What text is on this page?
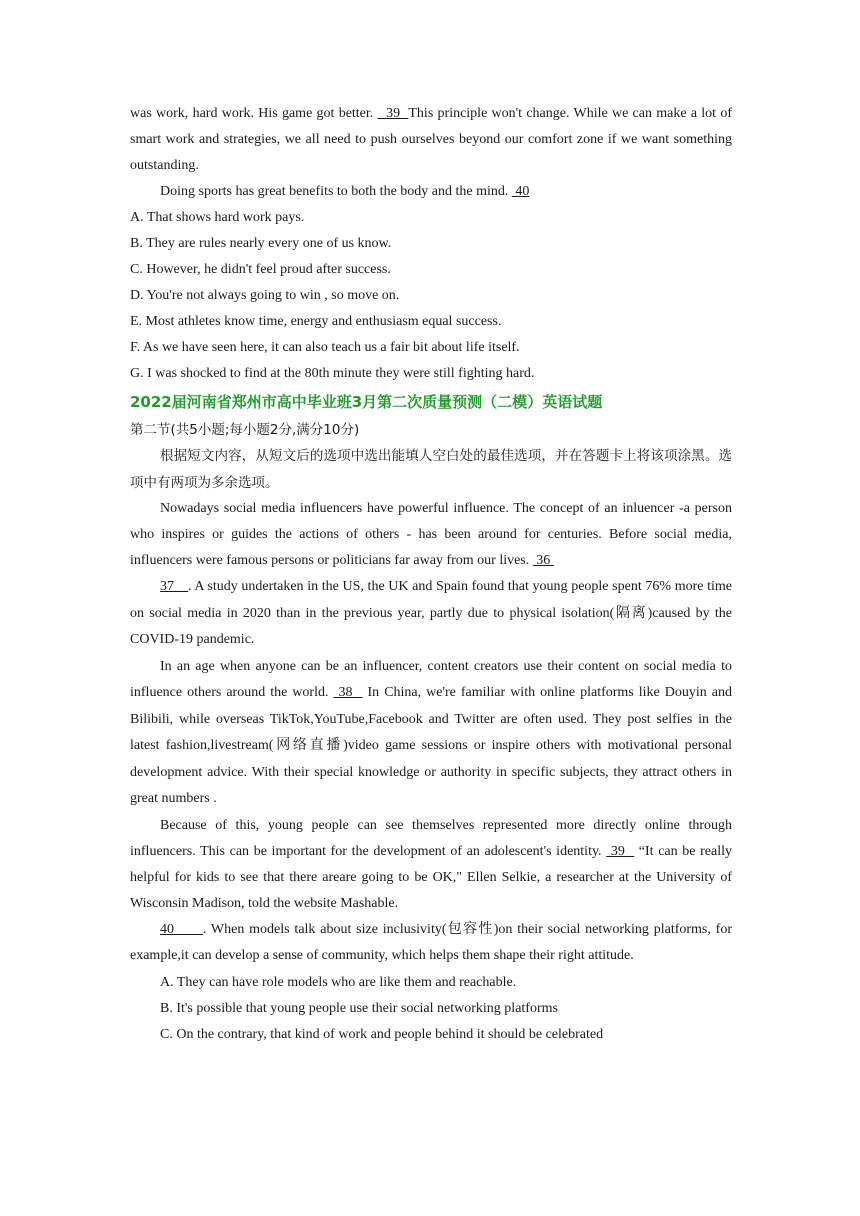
was work, hard work. His game got better.   39  This principle won't change. While we can make a lot of smart work and strategies, we all need to push ourselves beyond our comfort zone if we want something outstanding.

Doing sports has great benefits to both the body and the mind.  40

A. That shows hard work pays.

B. They are rules nearly every one of us know.

C. However, he didn't feel proud after success.

D. You're not always going to win , so move on.

E. Most athletes know time, energy and enthusiasm equal success.

F. As we have seen here, it can also teach us a fair bit about life itself.

G. I was shocked to find at the 80th minute they were still fighting hard.

2022届河南省郑州市高中毕业班3月第二次质量预测（二模）英语试题

第二节(共5小题;每小题2分,满分10分)

根据短文内容，从短文后的选项中选出能填人空白处的最佳选项，并在答题卡上将该项涂黑。选项中有两项为多余选项。

Nowadays social media influencers have powerful influence. The concept of an inluencer -a person who inspires or guides the actions of others - has been around for centuries. Before social media, influencers were famous persons or politicians far away from our lives.  36

37__. A study undertaken in the US, the UK and Spain found that young people spent 76% more time on social media in 2020 than in the previous year, partly due to physical isolation(隔离)caused by the COVID-19 pandemic.

In an age when anyone can be an influencer, content creators use their content on social media to influence others around the world.  38   In China, we're familiar with online platforms like Douyin and Bilibili, while overseas TikTok,YouTube,Facebook and Twitter are often used. They post selfies in the latest fashion,livestream(网络直播)video game sessions or inspire others with motivational personal development advice. With their special knowledge or authority in specific subjects, they attract others in great numbers .

Because of this, young people can see themselves represented more directly online through influencers. This can be important for the development of an adolescent's identity.  39   “It can be really helpful for kids to see that there areare going to be OK," Ellen Selkie, a researcher at the University of Wisconsin Madison, told the website Mashable.

40      . When models talk about size inclusivity(包容性)on their social networking platforms, for example,it can develop a sense of community, which helps them shape their right attitude.

A. They can have role models who are like them and reachable.

B. It's possible that young people use their social networking platforms

C. On the contrary, that kind of work and people behind it should be celebrated
